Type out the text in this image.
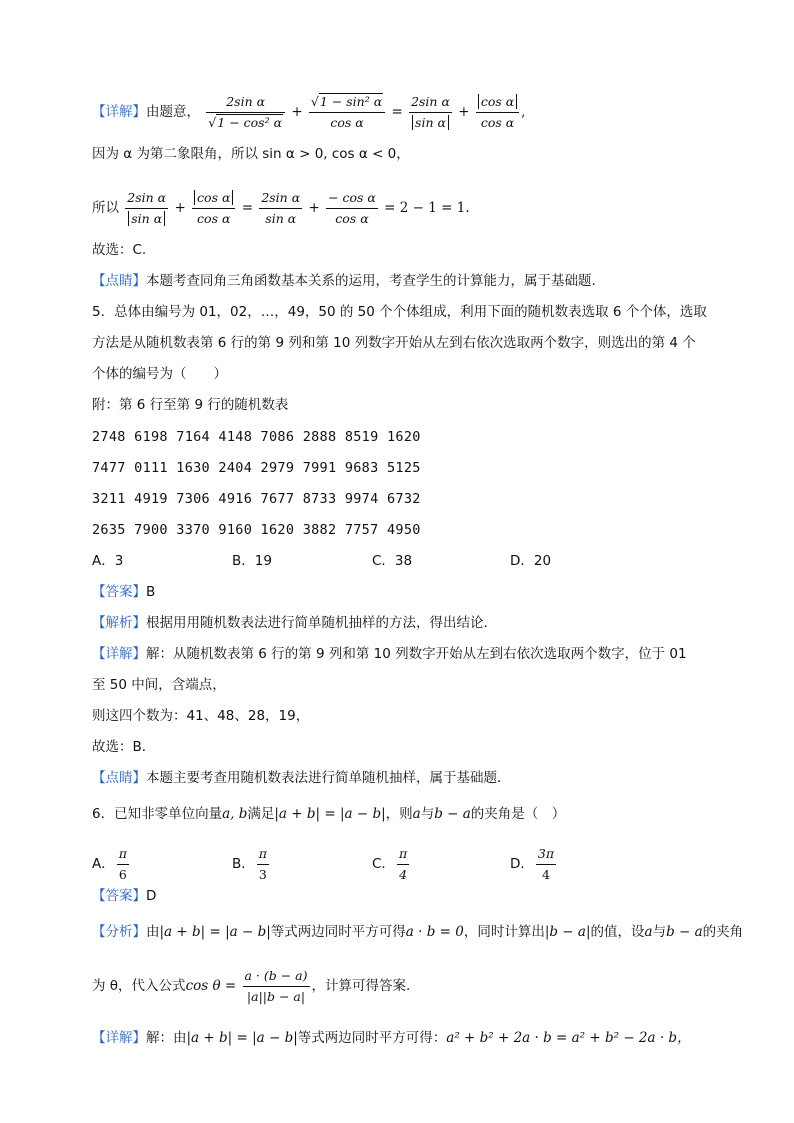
【详解】由题意， $\frac{\text{2sin α}}{\text{√1 − cos² α}} + \frac{\text{√1 − sin² α}}{\text{cos α}} = \frac{\text{2sin α}}{\text{sin α}} + \frac{\text{cos α}}{\text{cos α}}$ ,
因为 α 为第二象限角，所以 sin α > 0, cos α < 0，
所以 $\frac{\text{2sin α}}{\text{sin α}} + \frac{\text{cos α}}{\text{cos α}} = \frac{\text{2sin α}}{\text{sin α}} + \frac{\text{− cos α}}{\text{cos α}} = 2 - 1 = 1$.
故选：C.
【点睛】本题考查同角三角函数基本关系的运用，考查学生的计算能力，属于基础题.
5．总体由编号为 01，02，…，49，50 的 50 个个体组成，利用下面的随机数表选取 6 个个体，选取
方法是从随机数表第 6 行的第 9 列和第 10 列数字开始从左到右依次选取两个数字，则选出的第 4 个
个体的编号为（　　）
附：第 6 行至第 9 行的随机数表
2748 6198 7164 4148 7086 2888 8519 1620
7477 0111 1630 2404 2979 7991 9683 5125
3211 4919 7306 4916 7677 8733 9974 6732
2635 7900 3370 9160 1620 3882 7757 4950
A．3	B．19	C．38	D．20
【答案】B
【解析】根据用用随机数表法进行简单随机抽样的方法，得出结论．
【详解】解：从随机数表第 6 行的第 9 列和第 10 列数字开始从左到右依次选取两个数字，位于 01
至 50 中间，含端点，
则这四个数为：41、48、28，19，
故选：B．
【点睛】本题主要考查用随机数表法进行简单随机抽样，属于基础题．
6．已知非零单位向量a, b满足|a + b| = |a − b|，则a与b − a的夹角是（　）
A． $\frac{\pi}{6}$	B． $\frac{\pi}{3}$	C． $\frac{\pi}{4}$	D． $\frac{3\pi}{4}$
【答案】D
【分析】由|a + b| = |a − b|等式两边同时平方可得a · b = 0，同时计算出|b − a|的值，设a与b − a的夹角
为 θ，代入公式$\cos \theta = \frac{a \cdot (b - a)}{|a||b - a|}$ ，计算可得答案.
【详解】解：由|a + b| = |a − b|等式两边同时平方可得：a² + b² + 2a · b = a² + b² − 2a · b，
